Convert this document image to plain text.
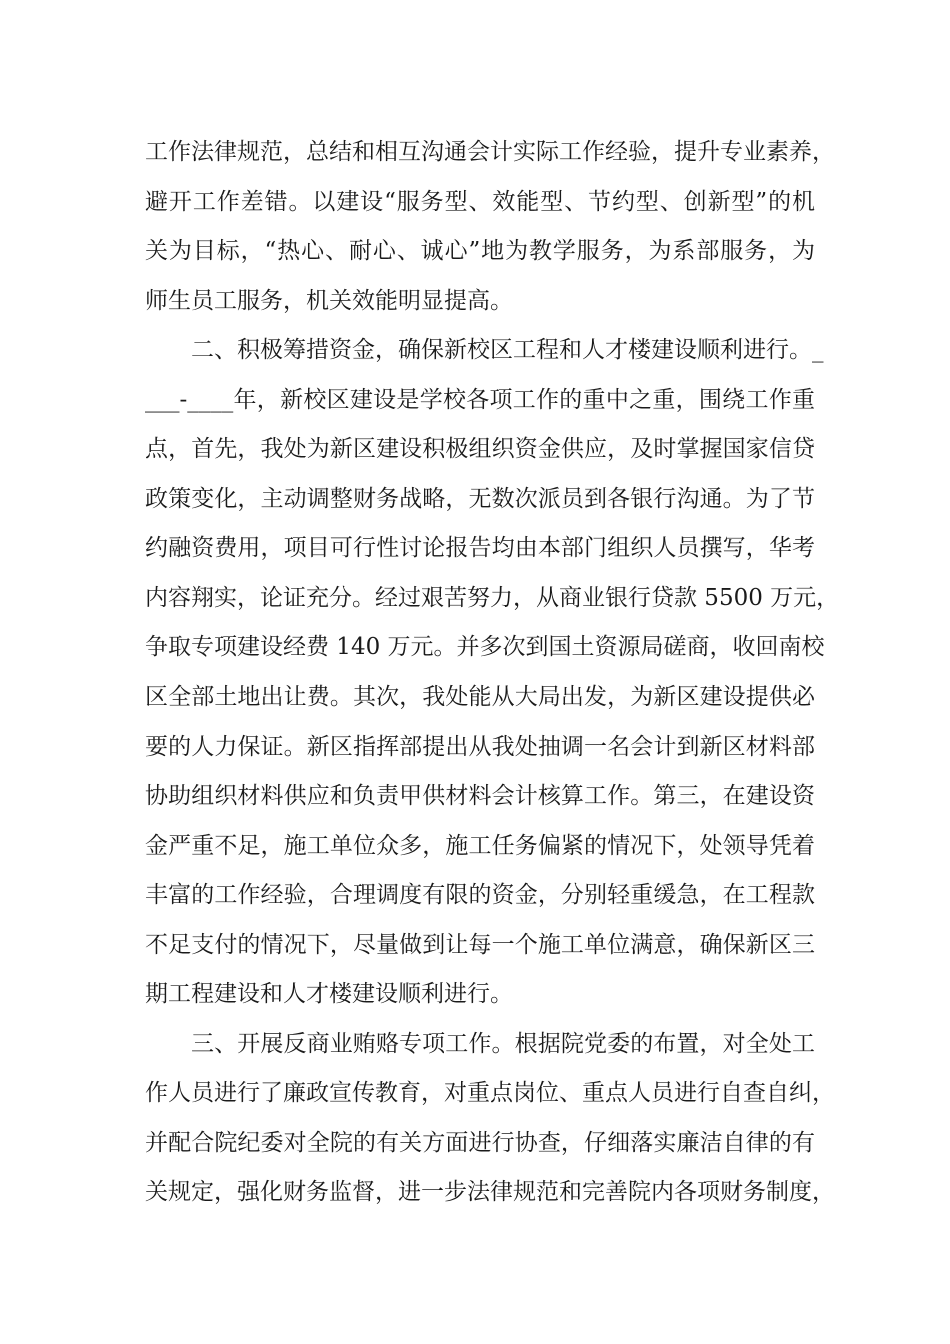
工作法律规范，总结和相互沟通会计实际工作经验，提升专业素养，
避开工作差错。以建设“服务型、效能型、节约型、创新型”的机
关为目标，“热心、耐心、诚心”地为教学服务，为系部服务，为
师生员工服务，机关效能明显提高。
二、积极筹措资金，确保新校区工程和人才楼建设顺利进行。_
___-____年，新校区建设是学校各项工作的重中之重，围绕工作重
点，首先，我处为新区建设积极组织资金供应，及时掌握国家信贷
政策变化，主动调整财务战略，无数次派员到各银行沟通。为了节
约融资费用，项目可行性讨论报告均由本部门组织人员撰写，华考
内容翔实，论证充分。经过艰苦努力，从商业银行贷款 5500 万元，
争取专项建设经费 140 万元。并多次到国土资源局磋商，收回南校
区全部土地出让费。其次，我处能从大局出发，为新区建设提供必
要的人力保证。新区指挥部提出从我处抽调一名会计到新区材料部
协助组织材料供应和负责甲供材料会计核算工作。第三，在建设资
金严重不足，施工单位众多，施工任务偏紧的情况下，处领导凭着
丰富的工作经验，合理调度有限的资金，分别轻重缓急，在工程款
不足支付的情况下，尽量做到让每一个施工单位满意，确保新区三
期工程建设和人才楼建设顺利进行。
三、开展反商业贿赂专项工作。根据院党委的布置，对全处工
作人员进行了廉政宣传教育，对重点岗位、重点人员进行自查自纠，
并配合院纪委对全院的有关方面进行协查，仔细落实廉洁自律的有
关规定，强化财务监督，进一步法律规范和完善院内各项财务制度，
